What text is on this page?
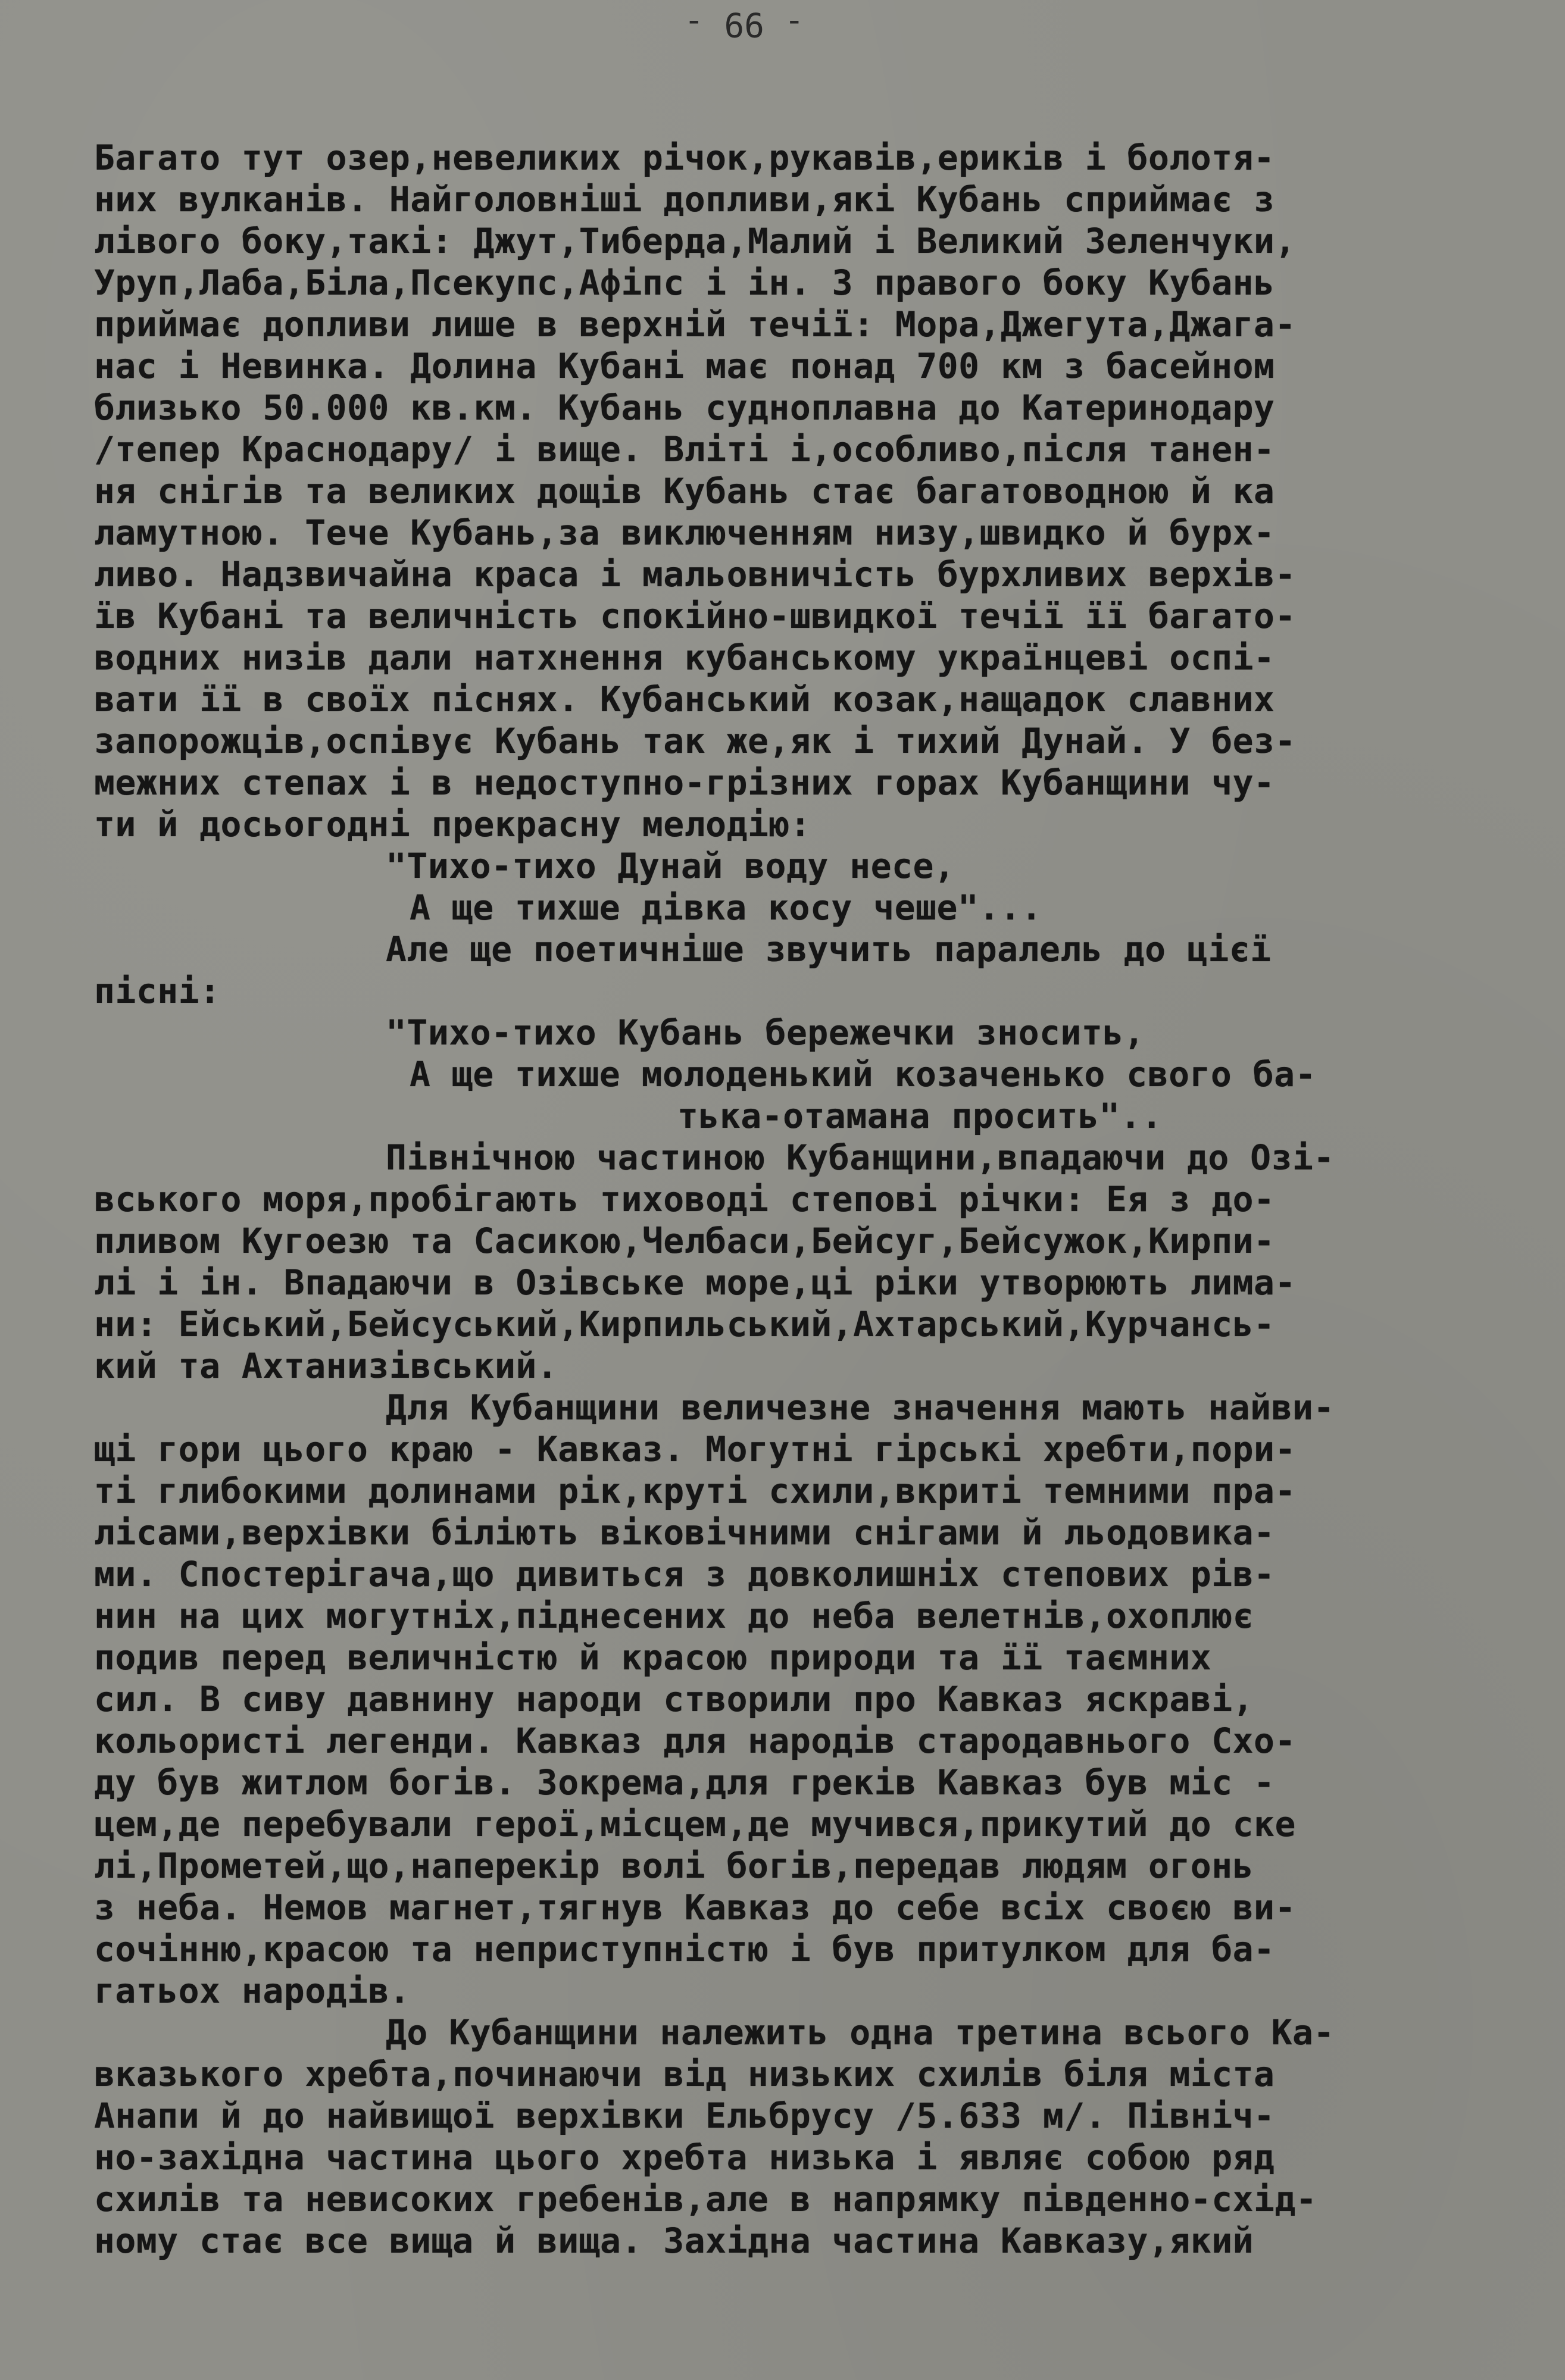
- 99 -
Багато тут озер,невеликих річок,рукавів,ериків і болотя-
них вулканів. Найголовніші допливи,які Кубань сприймає з
лівого боку,такі: Джут,Тиберда,Малий і Великий Зеленчуки,
Уруп,Лаба,Біла,Псекупс,Афіпс і ін. З правого боку Кубань
приймає допливи лише в верхній течії: Мора,Джегута,Джага-
нас і Невинка. Долина Кубані має понад 700 км з басейном
близько 50.000 кв.км. Кубань судноплавна до Катеринодару
/тепер Краснодару/ і вище. Вліті і,особливо,після танен-
ня снігів та великих дощів Кубань стає багатоводною й ка
ламутною. Тече Кубань,за виключенням низу,швидко й бурх-
ливо. Надзвичайна краса і мальовничість бурхливих верхів-
їв Кубані та величність спокійно-швидкої течії її багато-
водних низів дали натхнення кубанському українцеві оспі-
вати її в своїх піснях. Кубанський козак,нащадок славних
запорожців,оспівує Кубань так же,як і тихий Дунай. У без-
межних степах і в недоступно-грізних горах Кубанщини чу-
ти й досьогодні прекрасну мелодію:
"Тихо-тихо Дунай воду несе,
А ще тихше дівка косу чеше"...
Але ще поетичніше звучить паралель до цієї
пісні:
"Тихо-тихо Кубань бережечки зносить,
А ще тихше молоденький козаченько свого ба-
тька-отамана просить"..
Північною частиною Кубанщини,впадаючи до Озі-
вського моря,пробігають тиховоді степові річки: Ея з до-
пливом Кугоезю та Сасикою,Челбаси,Бейсуг,Бейсужок,Кирпи-
лі і ін. Впадаючи в Озівське море,ці ріки утворюють лима-
ни: Ейський,Бейсуський,Кирпильський,Ахтарський,Курчанcь-
кий та Ахтанизівський.
Для Кубанщини величезне значення мають найви-
щі гори цього краю - Кавказ. Могутні гірські хребти,пори-
ті глибокими долинами рік,круті схили,вкриті темними пра-
лісами,верхівки біліють віковічними снігами й льодовика-
ми. Спостерігача,що дивиться з довколишніх степових рів-
нин на цих могутніх,піднесених до неба велетнів,охоплює
подив перед величністю й красою природи та її таємних
сил. В сиву давнину народи створили про Кавказ яскраві,
кольористі легенди. Кавказ для народів стародавнього Схо-
ду був житлом богів. Зокрема,для греків Кавказ був міс -
цем,де перебували герої,місцем,де мучився,прикутий до ске
лі,Прометей,що,наперекір волі богів,передав людям огонь
з неба. Немов магнет,тягнув Кавказ до себе всіх своєю ви-
сочінню,красою та неприступністю і був притулком для ба-
гатьох народів.
До Кубанщини належить одна третина всього Ка-
вказького хребта,починаючи від низьких схилів біля міста
Анапи й до найвищої верхівки Ельбрусу /5.633 м/. Північ-
но-західна частина цього хребта низька і являє собою ряд
схилів та невисоких гребенів,але в напрямку південно-схід-
ному стає все вища й вища. Західна частина Кавказу,який
